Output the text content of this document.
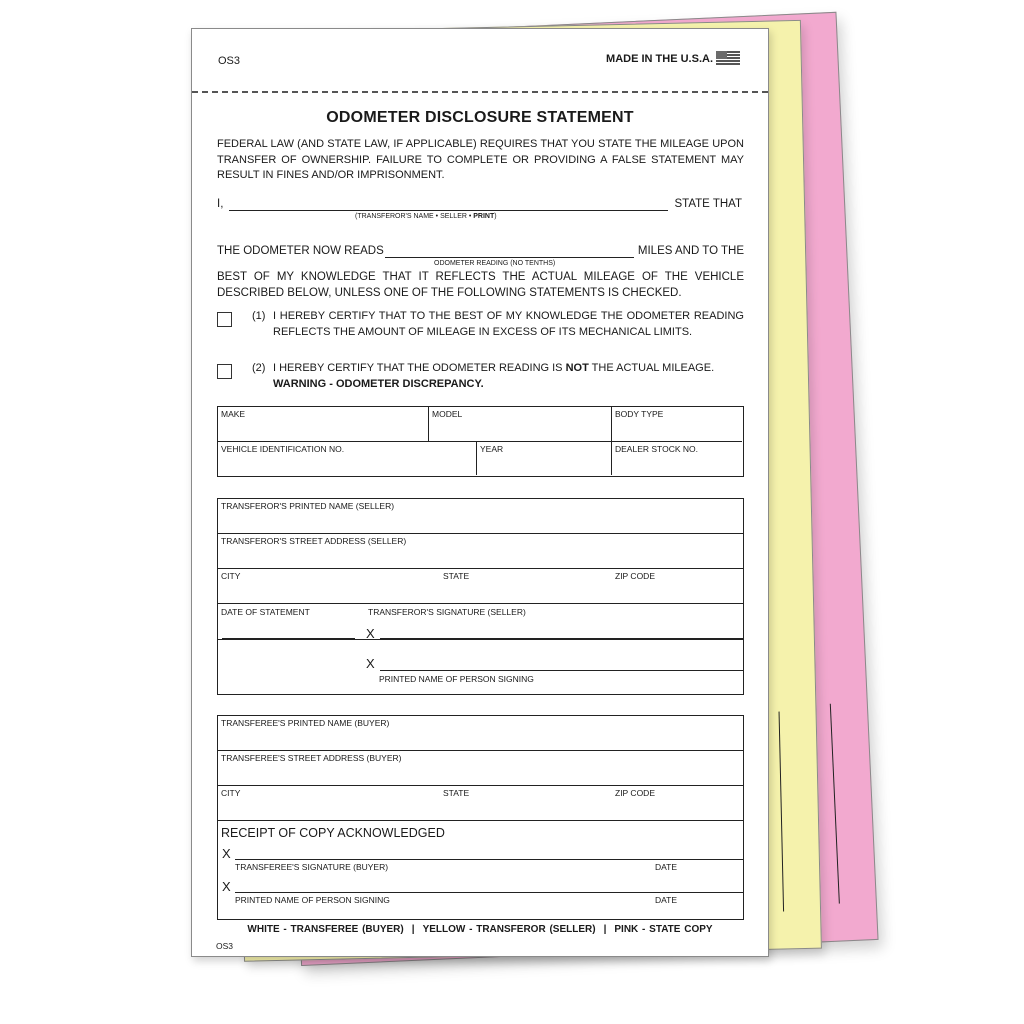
OS3	MADE IN THE U.S.A.
ODOMETER DISCLOSURE STATEMENT
FEDERAL LAW (AND STATE LAW, IF APPLICABLE) REQUIRES THAT YOU STATE THE MILEAGE UPON TRANSFER OF OWNERSHIP. FAILURE TO COMPLETE OR PROVIDING A FALSE STATEMENT MAY RESULT IN FINES AND/OR IMPRISONMENT.
I,	STATE THAT
(TRANSFEROR'S NAME • SELLER • PRINT)
THE ODOMETER NOW READS	MILES AND TO THE
ODOMETER READING (NO TENTHS)
BEST OF MY KNOWLEDGE THAT IT REFLECTS THE ACTUAL MILEAGE OF THE VEHICLE DESCRIBED BELOW, UNLESS ONE OF THE FOLLOWING STATEMENTS IS CHECKED.
(1) I HEREBY CERTIFY THAT TO THE BEST OF MY KNOWLEDGE THE ODOMETER READING REFLECTS THE AMOUNT OF MILEAGE IN EXCESS OF ITS MECHANICAL LIMITS.
(2) I HEREBY CERTIFY THAT THE ODOMETER READING IS NOT THE ACTUAL MILEAGE.
WARNING - ODOMETER DISCREPANCY.
MAKE	MODEL	BODY TYPE
VEHICLE IDENTIFICATION NO.	YEAR	DEALER STOCK NO.
TRANSFEROR'S PRINTED NAME (SELLER)
TRANSFEROR'S STREET ADDRESS (SELLER)
CITY	STATE	ZIP CODE
DATE OF STATEMENT	TRANSFEROR'S SIGNATURE (SELLER)
X
X
PRINTED NAME OF PERSON SIGNING
TRANSFEREE'S PRINTED NAME (BUYER)
TRANSFEREE'S STREET ADDRESS (BUYER)
CITY	STATE	ZIP CODE
RECEIPT OF COPY ACKNOWLEDGED
X
TRANSFEREE'S SIGNATURE (BUYER)	DATE
X
PRINTED NAME OF PERSON SIGNING	DATE
WHITE - TRANSFEREE (BUYER) | YELLOW - TRANSFEROR (SELLER) | PINK - STATE COPY
OS3
